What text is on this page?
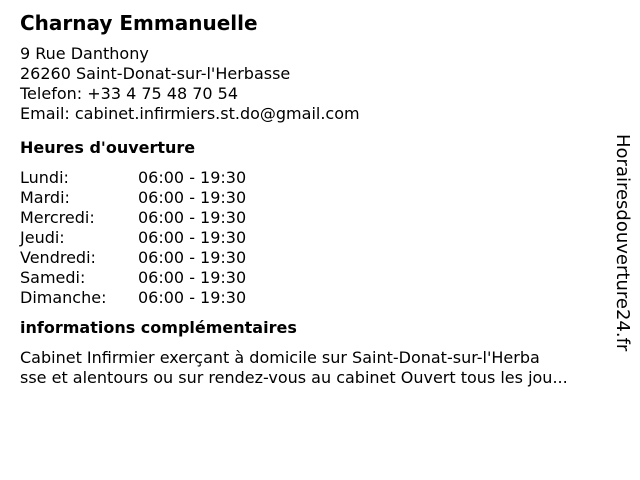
Charnay Emmanuelle
9 Rue Danthony
26260 Saint-Donat-sur-l'Herbasse
Telefon: +33 4 75 48 70 54
Email: cabinet.infirmiers.st.do@gmail.com
Heures d'ouverture
Lundi:	06:00 - 19:30
Mardi:	06:00 - 19:30
Mercredi:	06:00 - 19:30
Jeudi:	06:00 - 19:30
Vendredi:	06:00 - 19:30
Samedi:	06:00 - 19:30
Dimanche:	06:00 - 19:30
informations complémentaires
Cabinet Infirmier exerçant à domicile sur Saint-Donat-sur-l'Herba
sse et alentours ou sur rendez-vous au cabinet Ouvert tous les jou...
Horairesdouverture24.fr
